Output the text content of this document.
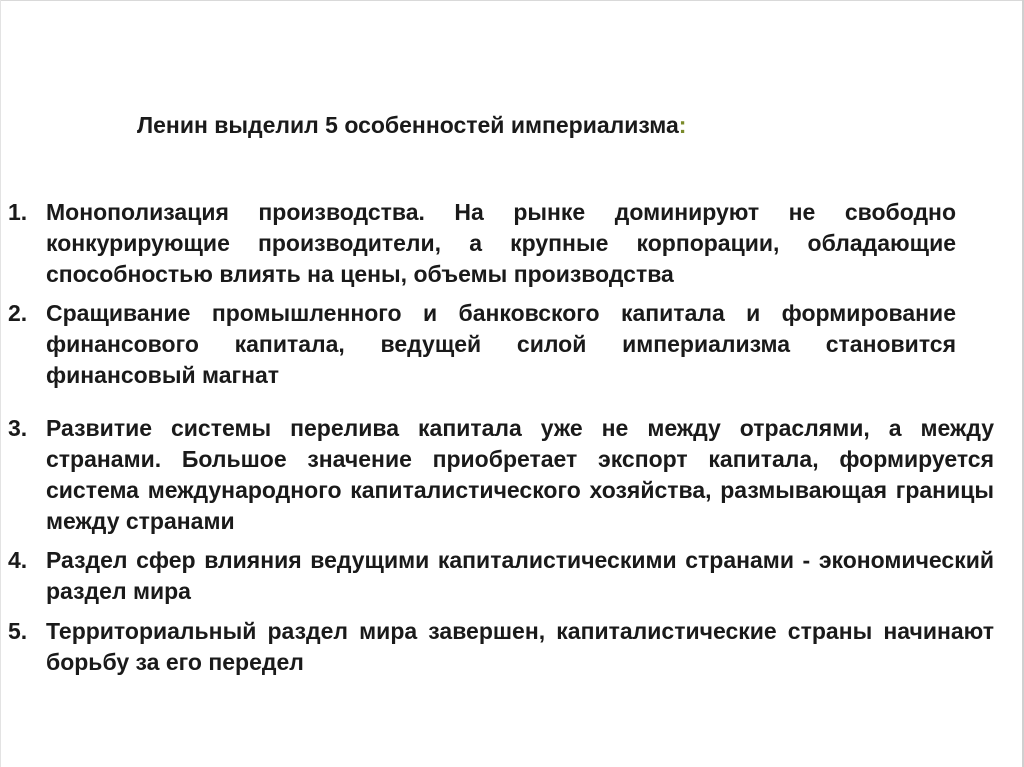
Ленин выделил 5 особенностей империализма:
1. Монополизация производства. На рынке доминируют не свободно конкурирующие производители, а крупные корпорации, обладающие способностью влиять на цены, объемы производства
2. Сращивание промышленного и банковского капитала и формирование финансового капитала, ведущей силой империализма становится финансовый магнат
3. Развитие системы перелива капитала уже не между отраслями, а между странами. Большое значение приобретает экспорт капитала, формируется система международного капиталистического хозяйства, размывающая границы между странами
4. Раздел сфер влияния ведущими капиталистическими странами - экономический раздел мира
5. Территориальный раздел мира завершен, капиталистические страны начинают борьбу за его передел
